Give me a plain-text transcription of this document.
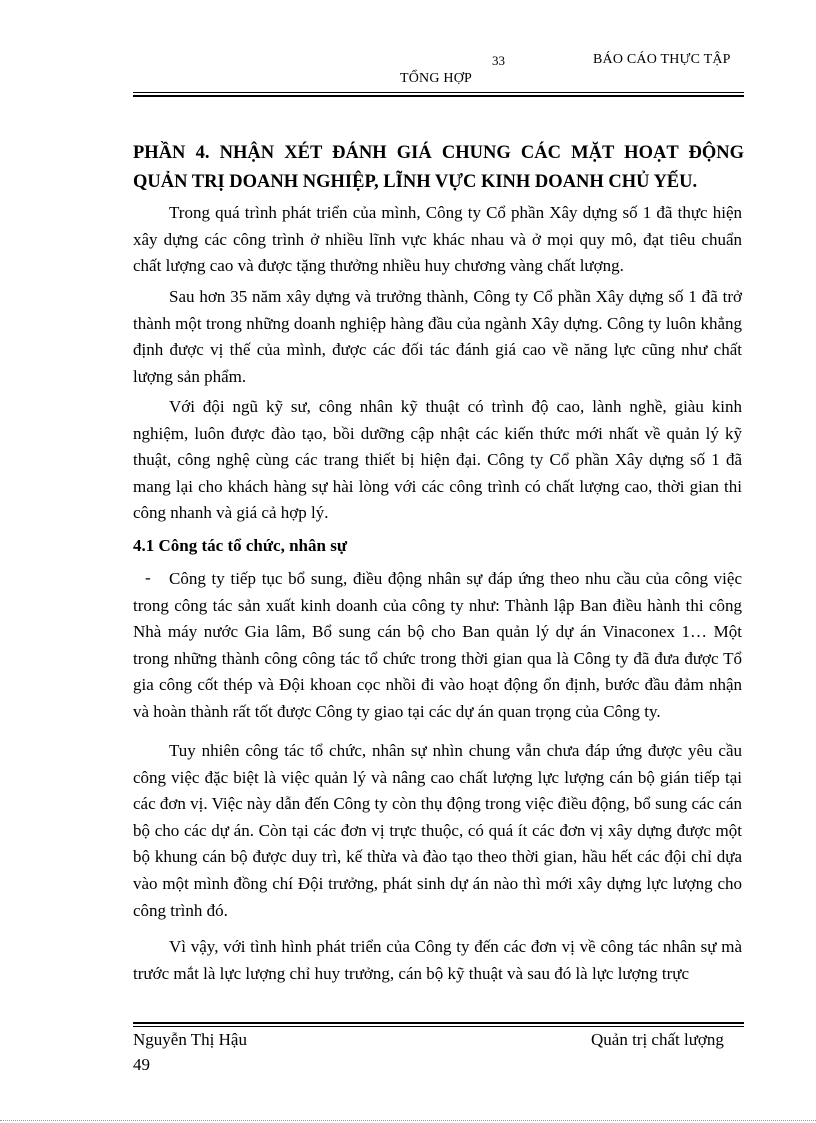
33	BÁO CÁO THỰC TẬP
TỔNG HỢP
PHẦN 4. NHẬN XÉT ĐÁNH GIÁ CHUNG CÁC MẶT HOẠT ĐỘNG QUẢN TRỊ DOANH NGHIỆP, LĨNH VỰC KINH DOANH CHỦ YẾU.
Trong quá trình phát triển của mình, Công ty Cổ phần Xây dựng số 1 đã thực hiện xây dựng các công trình ở nhiều lĩnh vực khác nhau và ở mọi quy mô, đạt tiêu chuẩn chất lượng cao và được tặng thưởng nhiều huy chương vàng chất lượng.
Sau hơn 35 năm xây dựng và trưởng thành, Công ty Cổ phần Xây dựng số 1 đã trở thành một trong những doanh nghiệp hàng đầu của ngành Xây dựng. Công ty luôn khẳng định được vị thế của mình, được các đối tác đánh giá cao về năng lực cũng như chất lượng sản phẩm.
Với đội ngũ kỹ sư, công nhân kỹ thuật có trình độ cao, lành nghề, giàu kinh nghiệm, luôn được đào tạo, bồi dưỡng cập nhật các kiến thức mới nhất về quản lý kỹ thuật, công nghệ cùng các trang thiết bị hiện đại. Công ty Cổ phần Xây dựng số 1 đã mang lại cho khách hàng sự hài lòng với các công trình có chất lượng cao, thời gian thi công nhanh và giá cả hợp lý.
4.1 Công tác tổ chức, nhân sự
-	Công ty tiếp tục bổ sung, điều động nhân sự đáp ứng theo nhu cầu của công việc trong công tác sản xuất kinh doanh của công ty như: Thành lập Ban điều hành thi công Nhà máy nước Gia lâm, Bổ sung cán bộ cho Ban quản lý dự án Vinaconex 1… Một trong những thành công công tác tổ chức trong thời gian qua là Công ty đã đưa được Tổ gia công cốt thép và Đội khoan cọc nhồi đi vào hoạt động ổn định, bước đầu đảm nhận và hoàn thành rất tốt được Công ty giao tại các dự án quan trọng của Công ty.
Tuy nhiên công tác tổ chức, nhân sự nhìn chung vẫn chưa đáp ứng được yêu cầu công việc đặc biệt là việc quản lý và nâng cao chất lượng lực lượng cán bộ gián tiếp tại các đơn vị. Việc này dẫn đến Công ty còn thụ động trong việc điều động, bổ sung các cán bộ cho các dự án. Còn tại các đơn vị trực thuộc, có quá ít các đơn vị xây dựng được một bộ khung cán bộ được duy trì, kế thừa và đào tạo theo thời gian, hầu hết các đội chỉ dựa vào một mình đồng chí Đội trưởng, phát sinh dự án nào thì mới xây dựng lực lượng cho công trình đó.
Vì vậy, với tình hình phát triển của Công ty đến các đơn vị về công tác nhân sự mà trước mắt là lực lượng chỉ huy trưởng, cán bộ kỹ thuật và sau đó là lực lượng trực
Nguyễn Thị Hậu
49
Quản trị chất lượng
